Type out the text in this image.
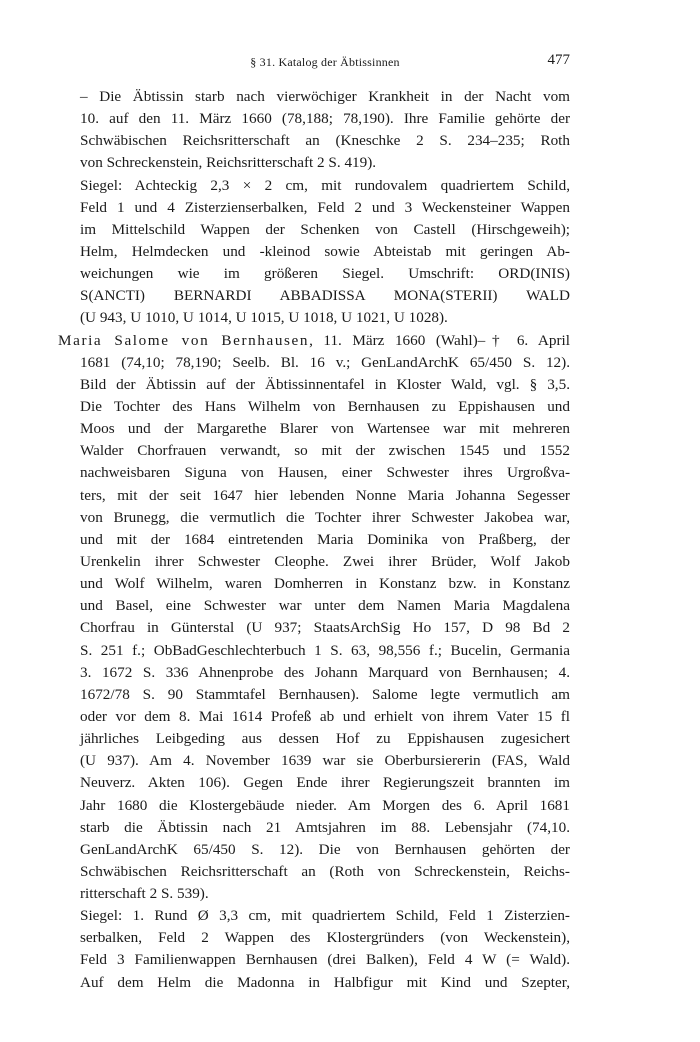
§ 31. Katalog der Äbtissinnen	477
– Die Äbtissin starb nach vierwöchiger Krankheit in der Nacht vom
10. auf den 11. März 1660 (78,188; 78,190). Ihre Familie gehörte der
Schwäbischen Reichsritterschaft an (Kneschke 2 S. 234–235; Roth
von Schreckenstein, Reichsritterschaft 2 S. 419).
Siegel: Achteckig 2,3 × 2 cm, mit rundovalem quadriertem Schild,
Feld 1 und 4 Zisterzienserbalken, Feld 2 und 3 Weckensteiner Wappen
im Mittelschild Wappen der Schenken von Castell (Hirschgeweih);
Helm, Helmdecken und -kleinod sowie Abteistab mit geringen Ab-
weichungen wie im größeren Siegel. Umschrift: ORD(INIS)
S(ANCTI) BERNARDI ABBADISSA MONA(STERII) WALD
(U 943, U 1010, U 1014, U 1015, U 1018, U 1021, U 1028).
Maria Salome von Bernhausen, 11. März 1660 (Wahl)–† 6. April
1681 (74,10; 78,190; Seelb. Bl. 16 v.; GenLandArchK 65/450 S. 12).
Bild der Äbtissin auf der Äbtissinnentafel in Kloster Wald, vgl. § 3,5.
Die Tochter des Hans Wilhelm von Bernhausen zu Eppishausen und
Moos und der Margarethe Blarer von Wartensee war mit mehreren
Walder Chorfrauen verwandt, so mit der zwischen 1545 und 1552
nachweisbaren Siguna von Hausen, einer Schwester ihres Urgroßva-
ters, mit der seit 1647 hier lebenden Nonne Maria Johanna Segesser
von Brunegg, die vermutlich die Tochter ihrer Schwester Jakobea war,
und mit der 1684 eintretenden Maria Dominika von Praßberg, der
Urenkelin ihrer Schwester Cleophe. Zwei ihrer Brüder, Wolf Jakob
und Wolf Wilhelm, waren Domherren in Konstanz bzw. in Konstanz
und Basel, eine Schwester war unter dem Namen Maria Magdalena
Chorfrau in Günterstal (U 937; StaatsArchSig Ho 157, D 98 Bd 2
S. 251 f.; ObBadGeschlechterbuch 1 S. 63, 98,556 f.; Bucelin, Germania
3. 1672 S. 336 Ahnenprobe des Johann Marquard von Bernhausen; 4.
1672/78 S. 90 Stammtafel Bernhausen). Salome legte vermutlich am
oder vor dem 8. Mai 1614 Profeß ab und erhielt von ihrem Vater 15 fl
jährliches Leibgeding aus dessen Hof zu Eppishausen zugesichert
(U 937). Am 4. November 1639 war sie Oberbursiererin (FAS, Wald
Neuverz. Akten 106). Gegen Ende ihrer Regierungszeit brannten im
Jahr 1680 die Klostergebäude nieder. Am Morgen des 6. April 1681
starb die Äbtissin nach 21 Amtsjahren im 88. Lebensjahr (74,10.
GenLandArchK 65/450 S. 12). Die von Bernhausen gehörten der
Schwäbischen Reichsritterschaft an (Roth von Schreckenstein, Reichs-
ritterschaft 2 S. 539).
Siegel: 1. Rund Ø 3,3 cm, mit quadriertem Schild, Feld 1 Zisterzien-
serbalken, Feld 2 Wappen des Klostergründers (von Weckenstein),
Feld 3 Familienwappen Bernhausen (drei Balken), Feld 4 W (= Wald).
Auf dem Helm die Madonna in Halbfigur mit Kind und Szepter,
